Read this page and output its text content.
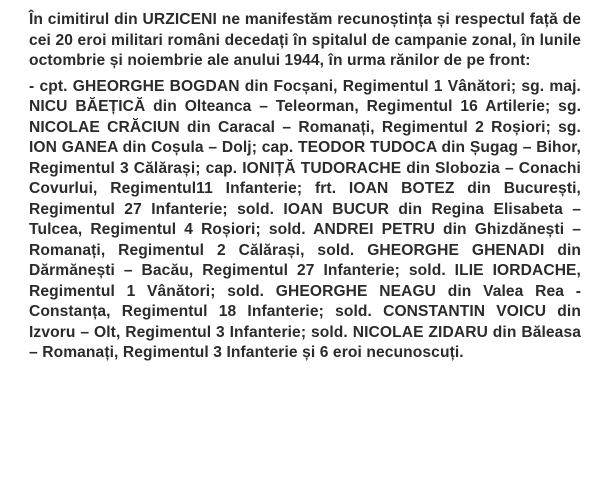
În cimitirul din URZICENI ne manifestăm recunoștința și respectul față de cei 20 eroi militari români decedați în spitalul de campanie zonal, în lunile octombrie și noiembrie ale anului 1944, în urma rănilor de pe front:

- cpt. GHEORGHE BOGDAN din Focșani, Regimentul 1 Vânători; sg. maj. NICU BĂEȚICĂ din Olteanca – Teleorman, Regimentul 16 Artilerie; sg. NICOLAE CRĂCIUN din Caracal – Romanați, Regimentul 2 Roșiori; sg. ION GANEA din Coșula – Dolj; cap. TEODOR TUDOCA din Șugag – Bihor, Regimentul 3 Călărași; cap. IONIȚĂ TUDORACHE din Slobozia – Conachi Covurlui, Regimentul11 Infanterie; frt. IOAN BOTEZ din București, Regimentul 27 Infanterie; sold. IOAN BUCUR din Regina Elisabeta – Tulcea, Regimentul 4 Roșiori; sold. ANDREI PETRU din Ghizdănești – Romanați, Regimentul 2 Călărași, sold. GHEORGHE GHENADI din Dărmănești – Bacău, Regimentul 27 Infanterie; sold. ILIE IORDACHE, Regimentul 1 Vânători; sold. GHEORGHE NEAGU din Valea Rea - Constanța, Regimentul 18 Infanterie; sold. CONSTANTIN VOICU din Izvoru – Olt, Regimentul 3 Infanterie; sold. NICOLAE ZIDARU din Băleasa – Romanați, Regimentul 3 Infanterie și 6 eroi necunoscuți.
